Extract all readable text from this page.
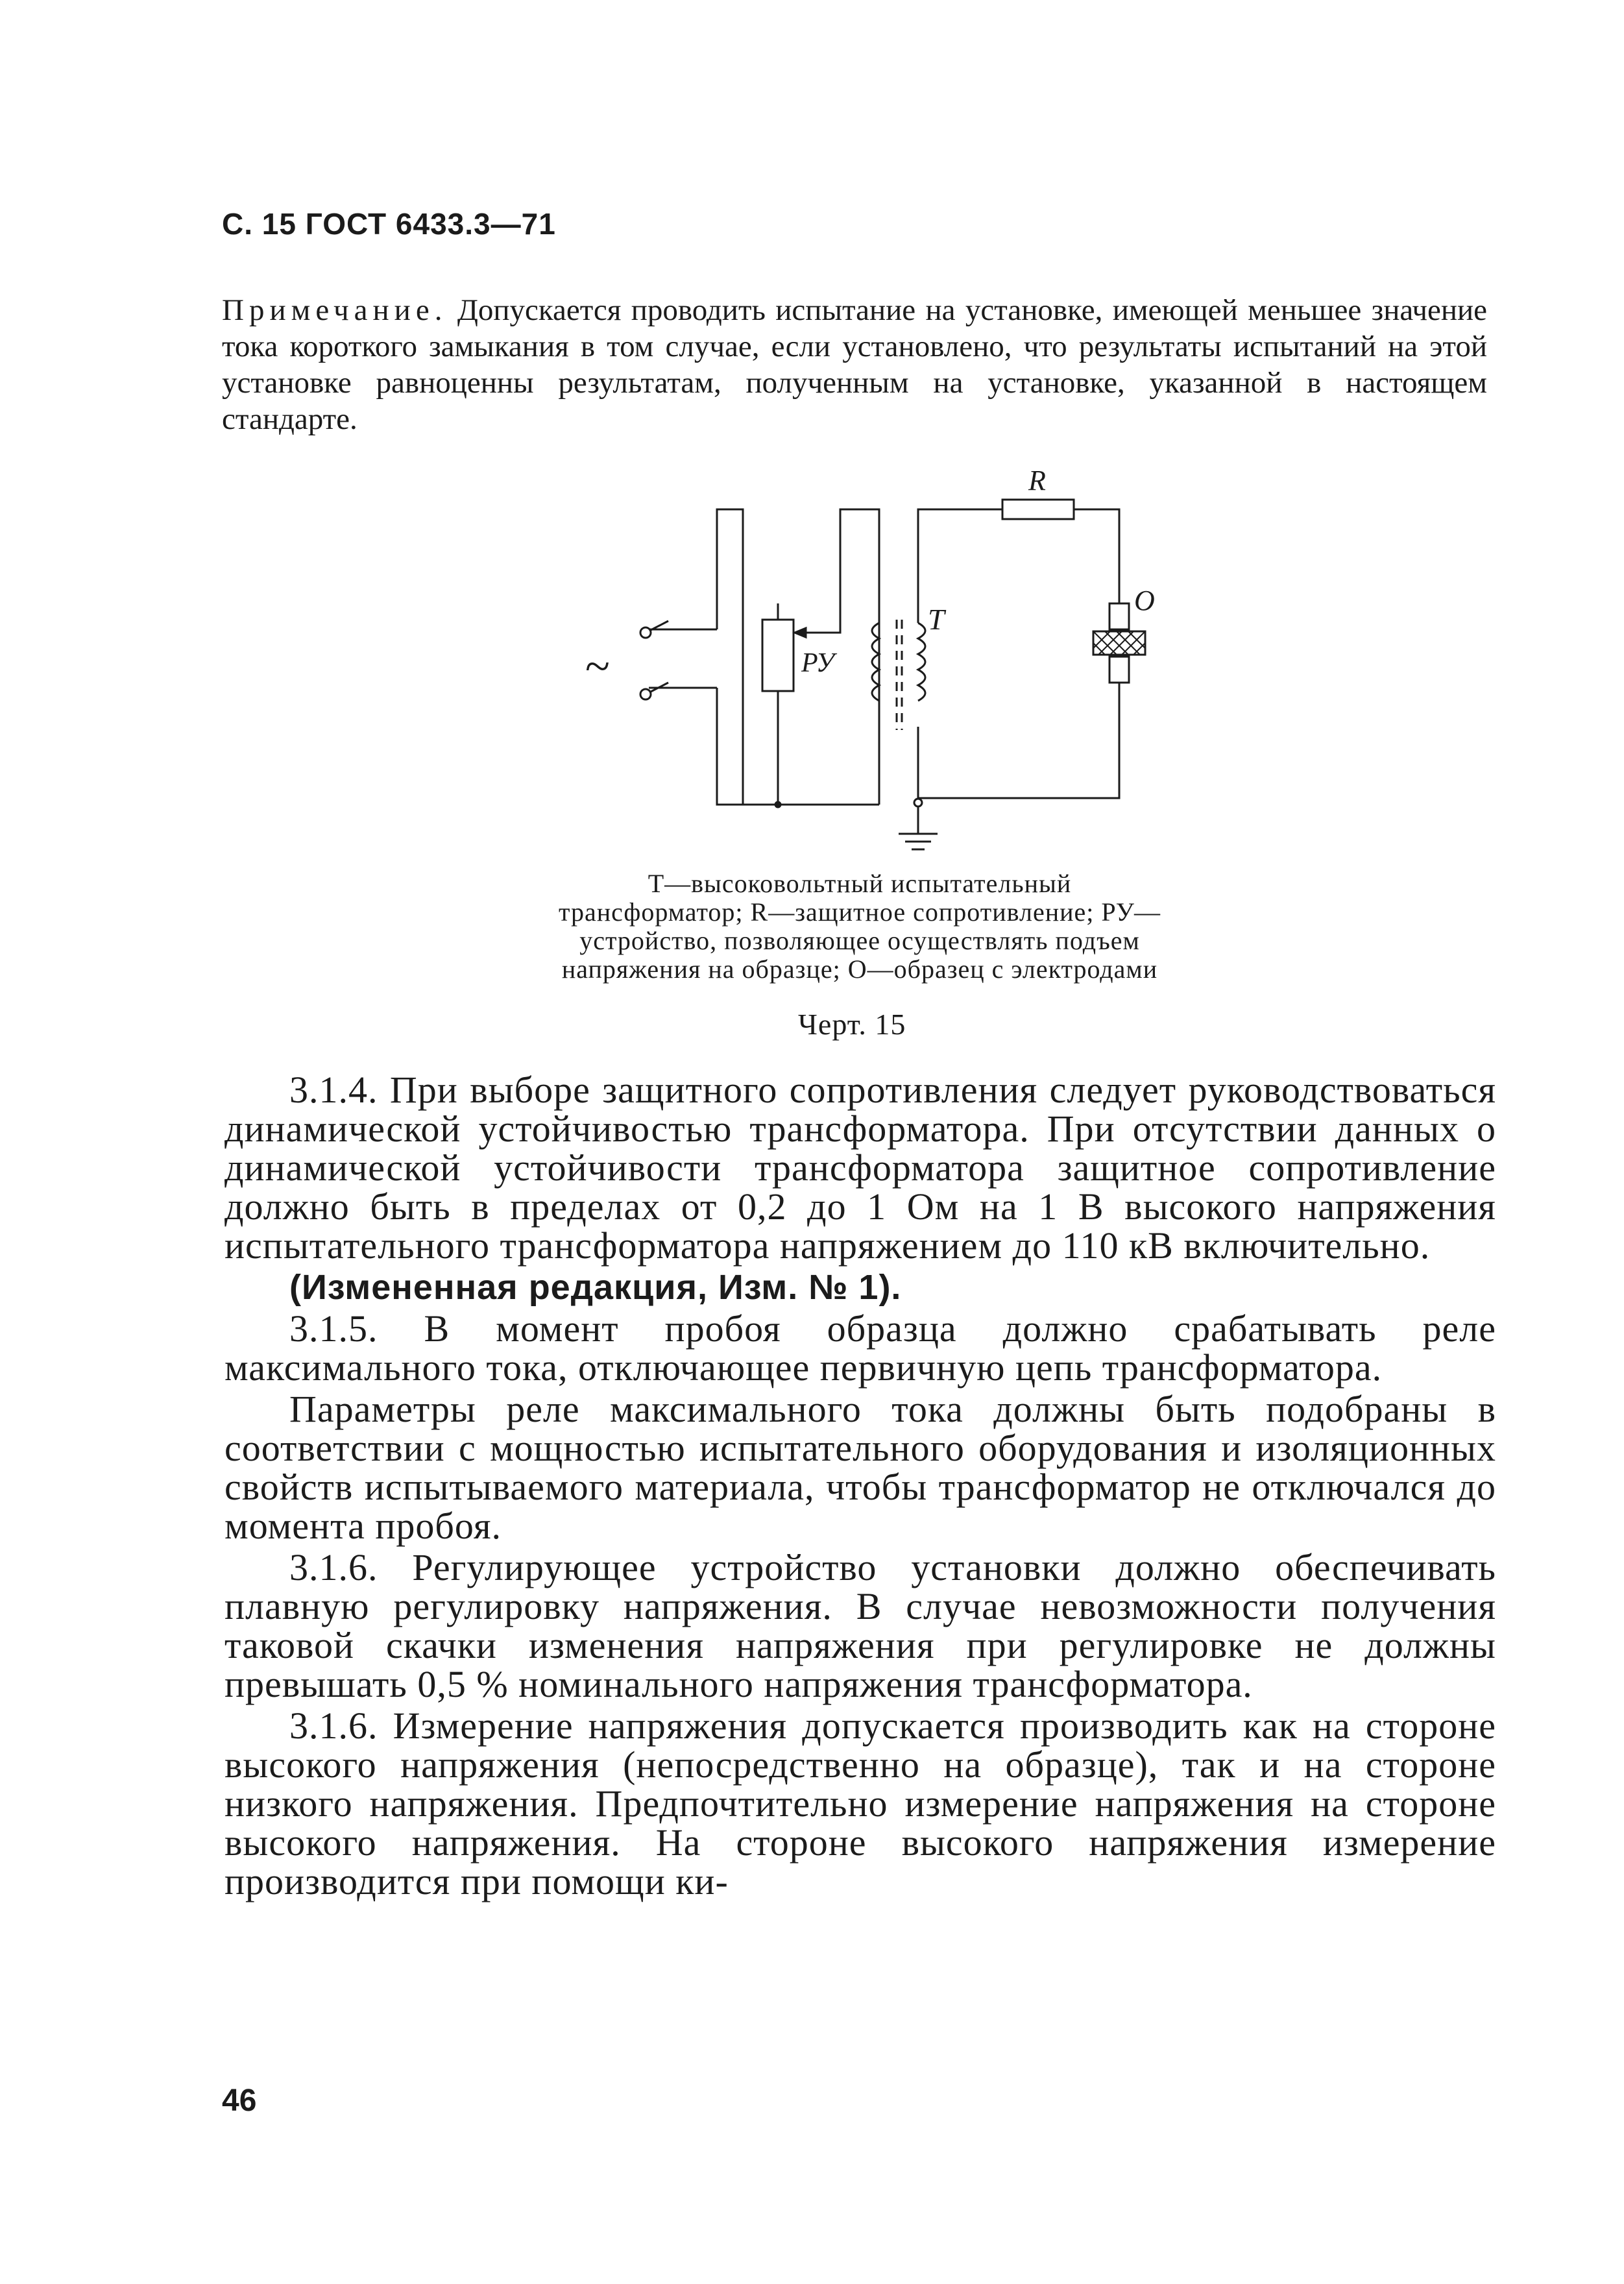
С. 15 ГОСТ 6433.3—71
Примечание. Допускается проводить испытание на установке, имеющей меньшее значение тока короткого замыкания в том случае, если установлено, что результаты испытаний на этой установке равноценны результатам, полученным на установке, указанной в настоящем стандарте.
~	РУ
T
R
O
T—высоковольтный испытательный трансформатор; R—защитное сопротивление; РУ—устройство, позволяющее осуществлять подъем напряжения на образце; О—образец с электродами
Черт. 15

3.1.4. При выборе защитного сопротивления следует руководствоваться динамической устойчивостью трансформатора. При отсутствии данных о динамической устойчивости трансформатора защитное сопротивление должно быть в пределах от 0,2 до 1 Ом на 1 В высокого напряжения испытательного трансформатора напряжением до 110 кВ включительно.

(Измененная редакция, Изм. № 1).

3.1.5. В момент пробоя образца должно срабатывать реле максимального тока, отключающее первичную цепь трансформатора.

Параметры реле максимального тока должны быть подобраны в соответствии с мощностью испытательного оборудования и изоляционных свойств испытываемого материала, чтобы трансформатор не отключался до момента пробоя.

3.1.6. Регулирующее устройство установки должно обеспечивать плавную регулировку напряжения. В случае невозможности получения таковой скачки изменения напряжения при регулировке не должны превышать 0,5 % номинального напряжения трансформатора.

3.1.6. Измерение напряжения допускается производить как на стороне высокого напряжения (непосредственно на образце), так и на стороне низкого напряжения. Предпочтительно измерение напряжения на стороне высокого напряжения. На стороне высокого напряжения измерение производится при помощи ки-

46
